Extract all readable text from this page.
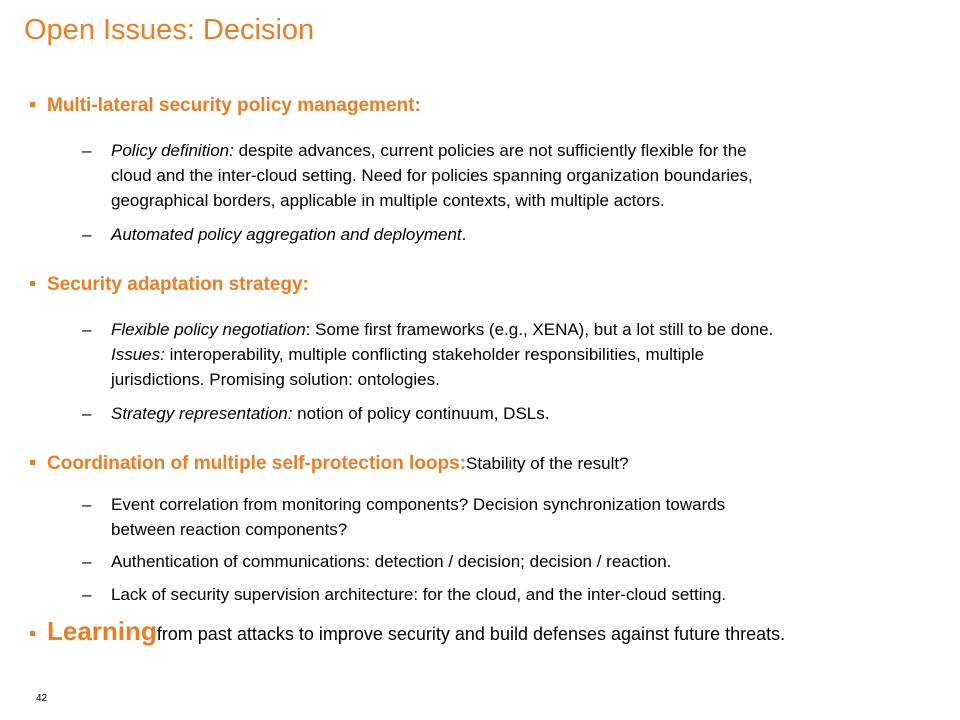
Open Issues: Decision
Multi-lateral security policy management:
–	Policy definition: despite advances, current policies are not sufficiently flexible for the
cloud and the inter-cloud setting. Need for policies spanning organization boundaries,
geographical borders, applicable in multiple contexts, with multiple actors.
–	Automated policy aggregation and deployment.
Security adaptation strategy:
–	Flexible policy negotiation: Some first frameworks (e.g., XENA), but a lot still to be done.
Issues: interoperability, multiple conflicting stakeholder responsibilities, multiple
jurisdictions. Promising solution: ontologies.
–	Strategy representation: notion of policy continuum, DSLs.
Coordination of multiple self-protection loops: Stability of the result?
–	Event correlation from monitoring components? Decision synchronization towards
between reaction components?
–	Authentication of communications: detection / decision; decision / reaction.
–	Lack of security supervision architecture: for the cloud, and the inter-cloud setting.
Learning from past attacks to improve security and build defenses against future threats.
42
